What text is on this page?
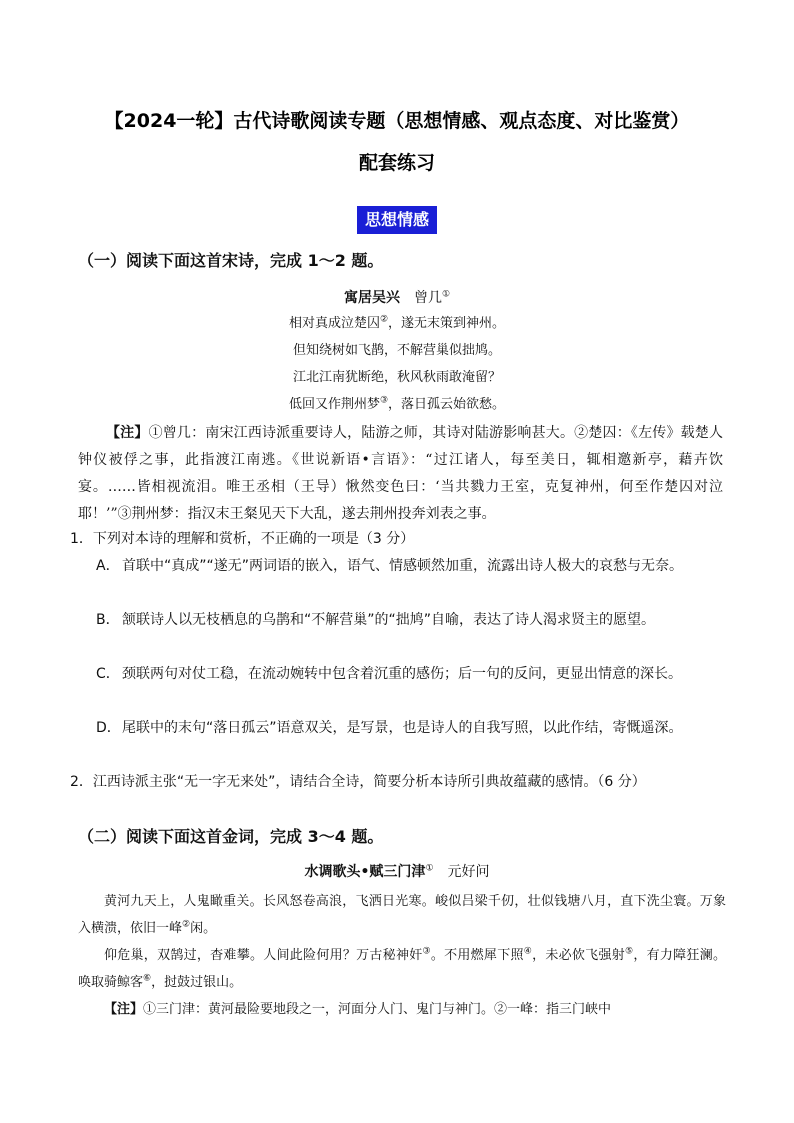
【2024一轮】古代诗歌阅读专题（思想情感、观点态度、对比鉴赏）
配套练习
思想情感
（一）阅读下面这首宋诗，完成 1～2 题。
寓居吴兴 曾几①
相对真成泣楚囚②，遂无末策到神州。
但知绕树如飞鹊，不解营巢似拙鸠。
江北江南犹断绝，秋风秋雨敢淹留？
低回又作荆州梦③，落日孤云始欲愁。

【注】①曾几：南宋江西诗派重要诗人，陆游之师，其诗对陆游影响甚大。②楚囚：《左传》载楚人钟仪被俘之事，此指渡江南逃。《世说新语•言语》：“过江诸人，每至美日，辄相邀新亭，藉卉饮宴。……皆相视流泪。唯王丞相（王导）愀然变色曰：‘当共戮力王室，克复神州，何至作楚囚对泣耶！’”③荆州梦：指汉末王粲见天下大乱，遂去荆州投奔刘表之事。

1．下列对本诗的理解和赏析，不正确的一项是（3 分）

A． 首联中“真成”“遂无”两词语的嵌入，语气、情感顿然加重，流露出诗人极大的哀愁与无奈。

B． 颔联诗人以无枝栖息的乌鹊和“不解营巢”的“拙鸠”自喻，表达了诗人渴求贤主的愿望。

C． 颈联两句对仗工稳，在流动婉转中包含着沉重的感伤；后一句的反问，更显出情意的深长。

D．尾联中的末句“落日孤云”语意双关，是写景，也是诗人的自我写照，以此作结，寄慨遥深。

2．江西诗派主张“无一字无来处”，请结合全诗，简要分析本诗所引典故蕴藏的感情。（6 分）

（二）阅读下面这首金词，完成 3～4 题。
水调歌头•赋三门津① 元好问

黄河九天上，人鬼瞰重关。长风怒卷高浪，飞洒日光寒。峻似吕梁千仞，壮似钱塘八月，直下洗尘寰。万象入横溃，依旧一峰②闲。

仰危巢，双鹄过，杳难攀。人间此险何用？万古秘神奸③。不用燃犀下照④，未必佽飞强射⑤，有力障狂澜。唤取骑鲸客⑥，挝鼓过银山。

【注】①三门津：黄河最险要地段之一，河面分人门、鬼门与神门。②一峰：指三门峡中
